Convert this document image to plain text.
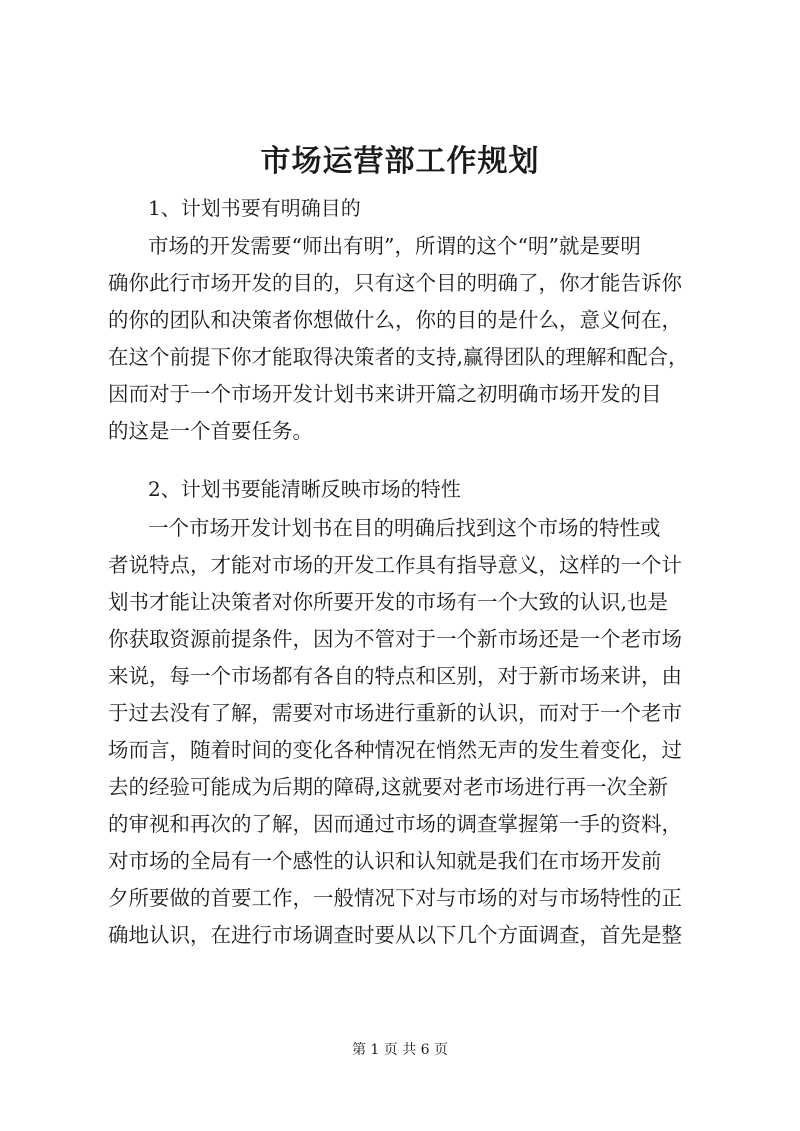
市场运营部工作规划
1、计划书要有明确目的
市场的开发需要“师出有明”，所谓的这个“明”就是要明
确你此行市场开发的目的，只有这个目的明确了，你才能告诉你
的你的团队和决策者你想做什么，你的目的是什么，意义何在，
在这个前提下你才能取得决策者的支持,赢得团队的理解和配合，
因而对于一个市场开发计划书来讲开篇之初明确市场开发的目
的这是一个首要任务。
2、计划书要能清晰反映市场的特性
一个市场开发计划书在目的明确后找到这个市场的特性或
者说特点，才能对市场的开发工作具有指导意义，这样的一个计
划书才能让决策者对你所要开发的市场有一个大致的认识,也是
你获取资源前提条件，因为不管对于一个新市场还是一个老市场
来说，每一个市场都有各自的特点和区别，对于新市场来讲，由
于过去没有了解，需要对市场进行重新的认识，而对于一个老市
场而言，随着时间的变化各种情况在悄然无声的发生着变化，过
去的经验可能成为后期的障碍,这就要对老市场进行再一次全新
的审视和再次的了解，因而通过市场的调查掌握第一手的资料，
对市场的全局有一个感性的认识和认知就是我们在市场开发前
夕所要做的首要工作，一般情况下对与市场的对与市场特性的正
确地认识，在进行市场调查时要从以下几个方面调查，首先是整
第 1 页 共 6 页
